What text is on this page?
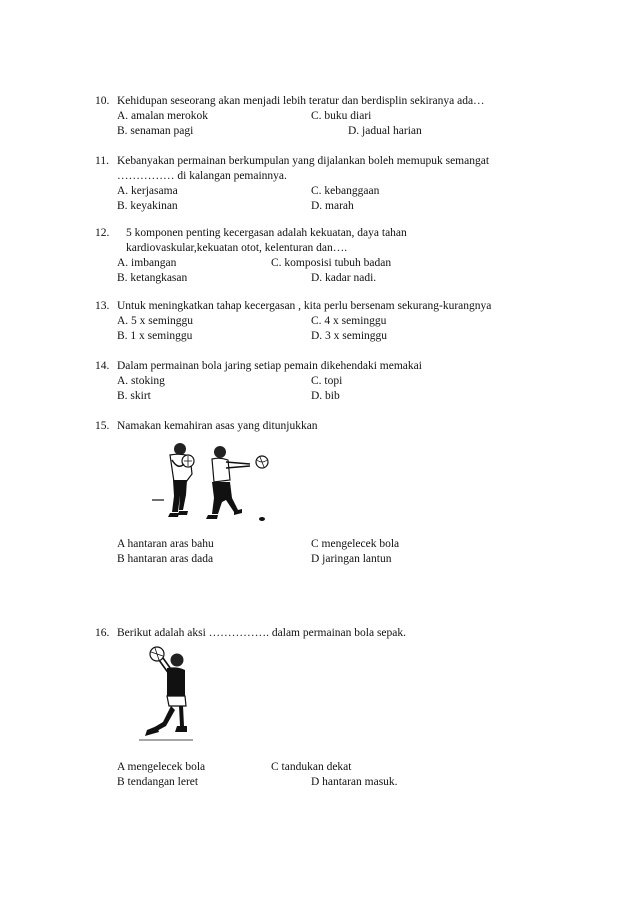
10. Kehidupan seseorang akan menjadi lebih teratur dan berdisplin sekiranya ada…
A. amalan merokok	C. buku diari
B. senaman pagi	D. jadual harian
11. Kebanyakan permainan berkumpulan yang dijalankan boleh memupuk semangat
…………… di kalangan pemainnya.
A. kerjasama	C. kebanggaan
B. keyakinan	D. marah
12. 5 komponen penting kecergasan adalah kekuatan, daya tahan
kardiovaskular,kekuatan otot, kelenturan dan….
A. imbangan	C. komposisi tubuh badan
B. ketangkasan	D. kadar nadi.
13. Untuk meningkatkan tahap kecergasan , kita perlu bersenam sekurang-kurangnya
A. 5 x seminggu	C. 4 x seminggu
B. 1 x seminggu	D. 3 x seminggu
14. Dalam permainan bola jaring setiap pemain dikehendaki memakai
A. stoking	C. topi
B. skirt	D. bib
15. Namakan kemahiran asas yang ditunjukkan
A hantaran aras bahu	C mengelecek bola
B hantaran aras dada	D jaringan lantun
16. Berikut adalah aksi ……………. dalam permainan bola sepak.
A mengelecek bola	C tandukan dekat
B tendangan leret	D hantaran masuk.
